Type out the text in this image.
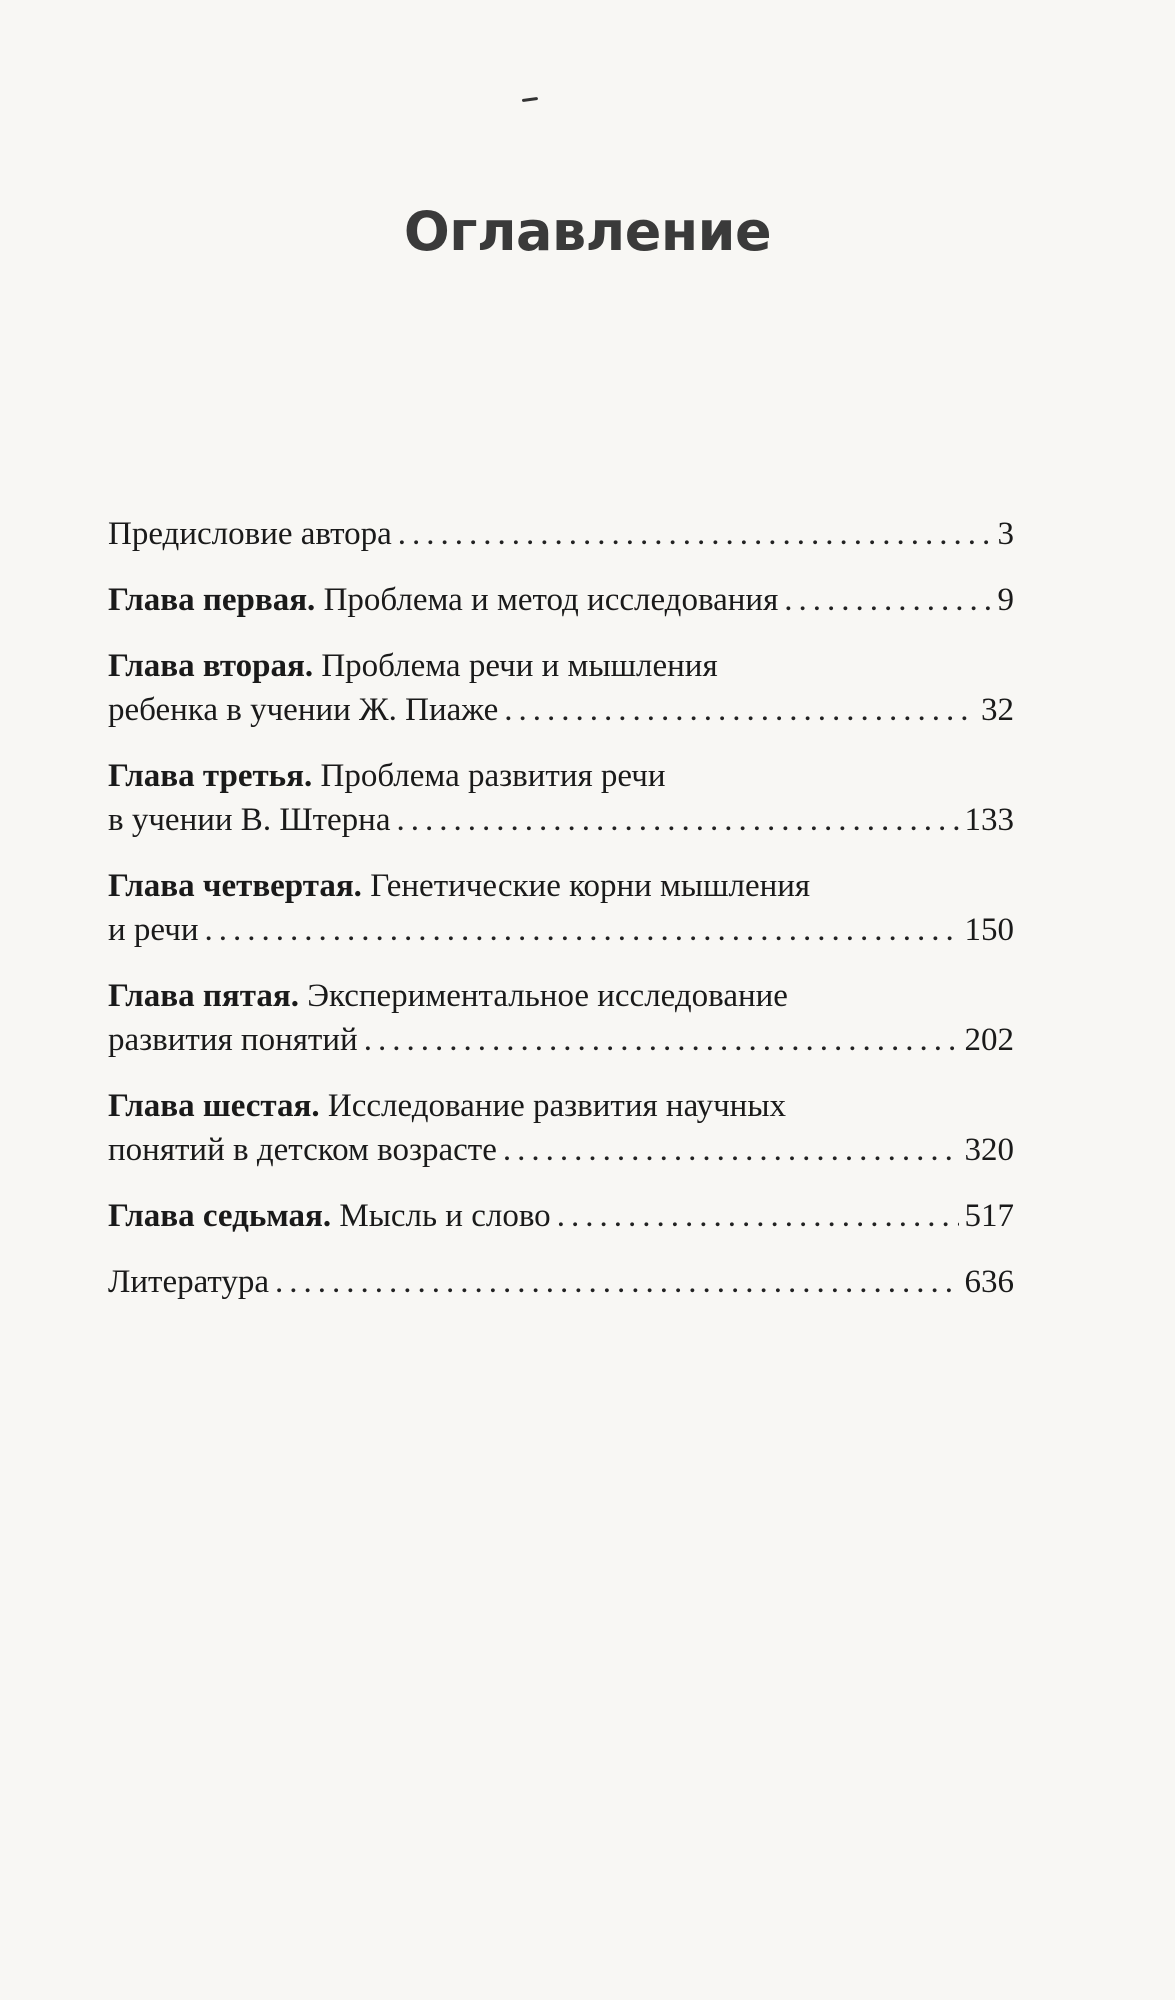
Оглавление
Предисловие автора .....	3
Глава первая. Проблема и метод исследования .....	9
Глава вторая. Проблема речи и мышления
ребенка в учении Ж. Пиаже .....	32
Глава третья. Проблема развития речи
в учении В. Штерна .....	133
Глава четвертая. Генетические корни мышления
и речи .....	150
Глава пятая. Экспериментальное исследование
развития понятий .....	202
Глава шестая. Исследование развития научных
понятий в детском возрасте .....	320
Глава седьмая. Мысль и слово .....	517
Литература .....	636
